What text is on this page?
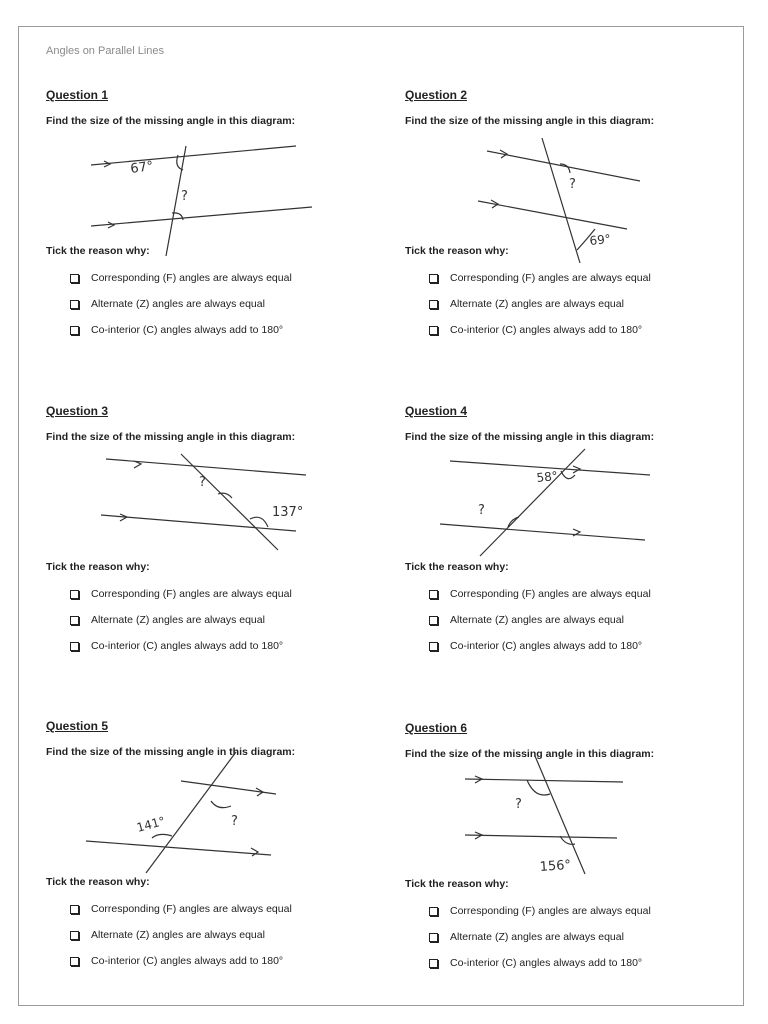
Angles on Parallel Lines
Question 1
Find the size of the missing angle in this diagram:
67°
?
Tick the reason why:
Corresponding (F) angles are always equal
Alternate (Z) angles are always equal
Co-interior (C) angles always add to 180°
Question 2
Find the size of the missing angle in this diagram:
?
69°
Tick the reason why:
Corresponding (F) angles are always equal
Alternate (Z) angles are always equal
Co-interior (C) angles always add to 180°
Question 3
Find the size of the missing angle in this diagram:
?
137°
Tick the reason why:
Corresponding (F) angles are always equal
Alternate (Z) angles are always equal
Co-interior (C) angles always add to 180°
Question 4
Find the size of the missing angle in this diagram:
58°
?
Tick the reason why:
Corresponding (F) angles are always equal
Alternate (Z) angles are always equal
Co-interior (C) angles always add to 180°
Question 5
Find the size of the missing angle in this diagram:
?
141°
Tick the reason why:
Corresponding (F) angles are always equal
Alternate (Z) angles are always equal
Co-interior (C) angles always add to 180°
Question 6
Find the size of the missing angle in this diagram:
?
156°
Tick the reason why:
Corresponding (F) angles are always equal
Alternate (Z) angles are always equal
Co-interior (C) angles always add to 180°
